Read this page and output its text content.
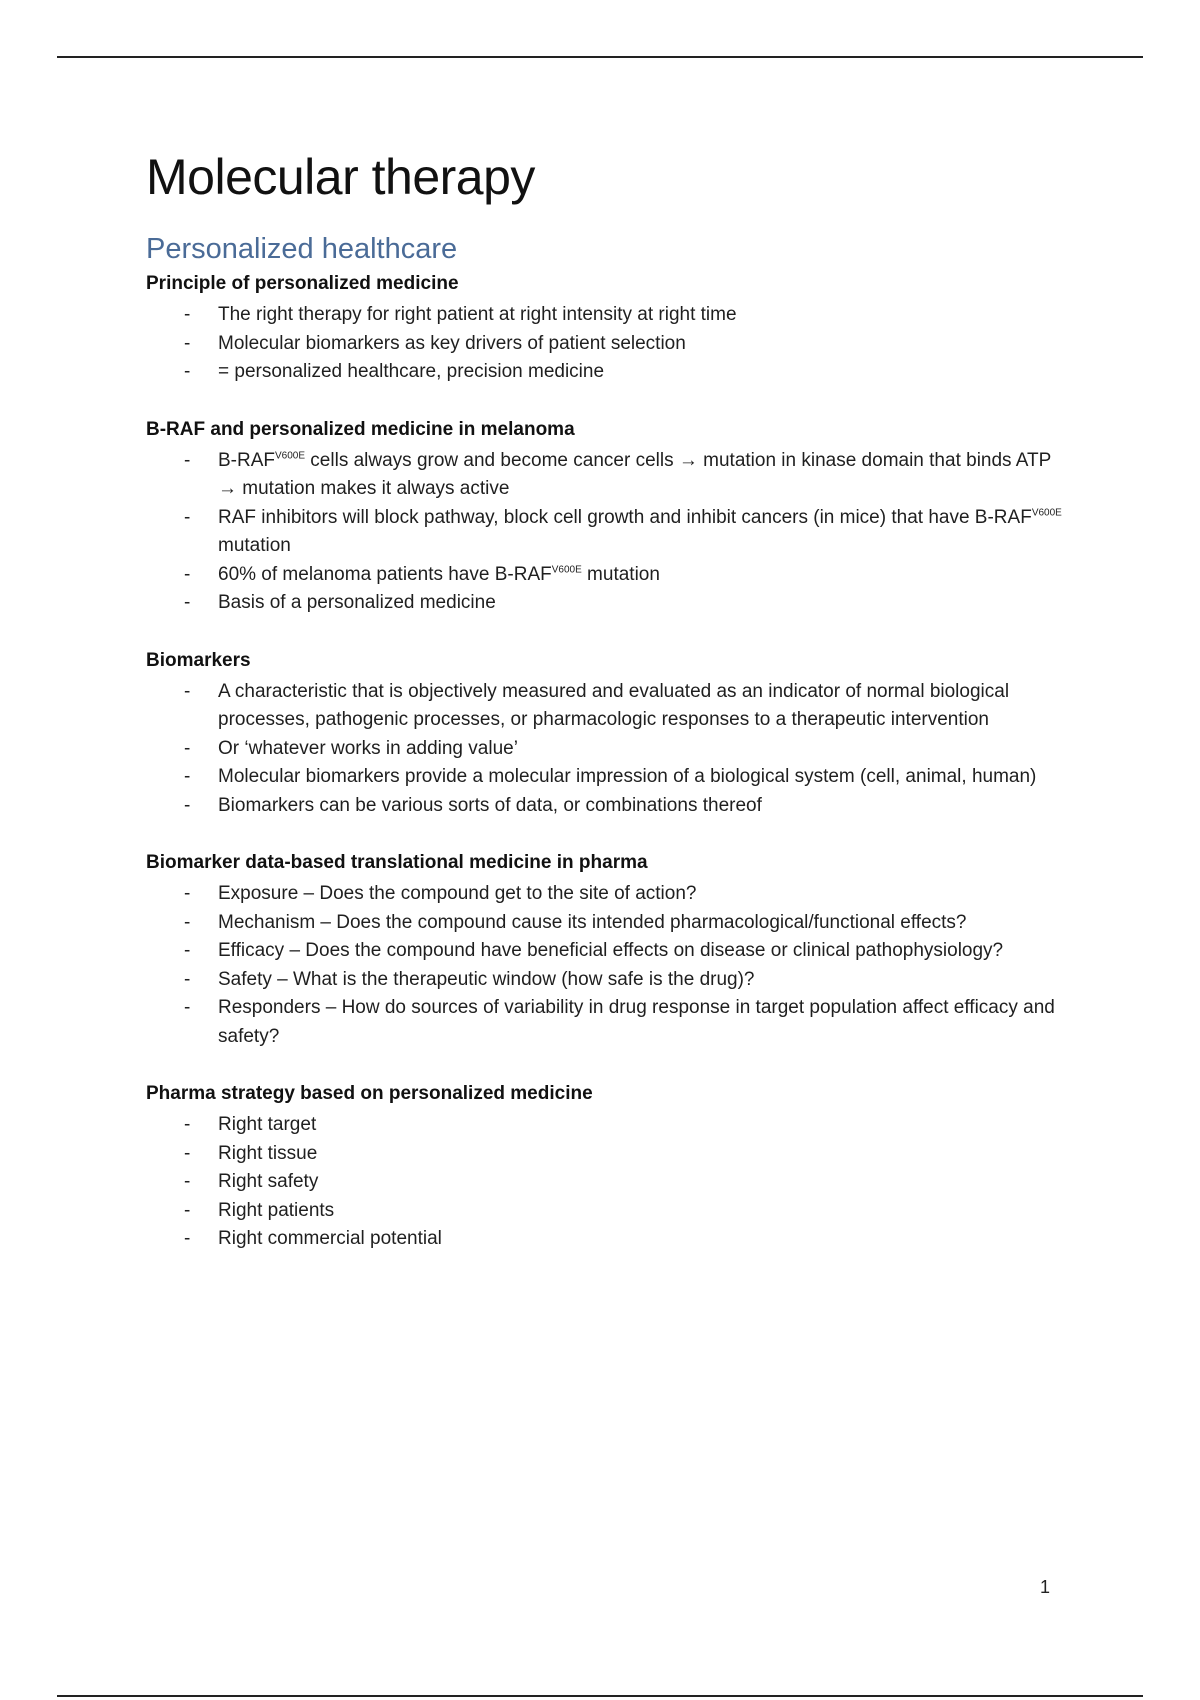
Molecular therapy
Personalized healthcare
Principle of personalized medicine
- The right therapy for right patient at right intensity at right time
- Molecular biomarkers as key drivers of patient selection
- = personalized healthcare, precision medicine
B-RAF and personalized medicine in melanoma
- $B-RAF^{V600E}$ cells always grow and become cancer cells → mutation in kinase domain that binds ATP → mutation makes it always active
- RAF inhibitors will block pathway, block cell growth and inhibit cancers (in mice) that have $B-RAF^{V600E}$ mutation
- 60% of melanoma patients have $B-RAF^{V600E}$ mutation
- Basis of a personalized medicine
Biomarkers
- A characteristic that is objectively measured and evaluated as an indicator of normal biological processes, pathogenic processes, or pharmacologic responses to a therapeutic intervention
- Or ‘whatever works in adding value’
- Molecular biomarkers provide a molecular impression of a biological system (cell, animal, human)
- Biomarkers can be various sorts of data, or combinations thereof
Biomarker data-based translational medicine in pharma
- Exposure – Does the compound get to the site of action?
- Mechanism – Does the compound cause its intended pharmacological/functional effects?
- Efficacy – Does the compound have beneficial effects on disease or clinical pathophysiology?
- Safety – What is the therapeutic window (how safe is the drug)?
- Responders – How do sources of variability in drug response in target population affect efficacy and safety?
Pharma strategy based on personalized medicine
- Right target
- Right tissue
- Right safety
- Right patients
- Right commercial potential
1
